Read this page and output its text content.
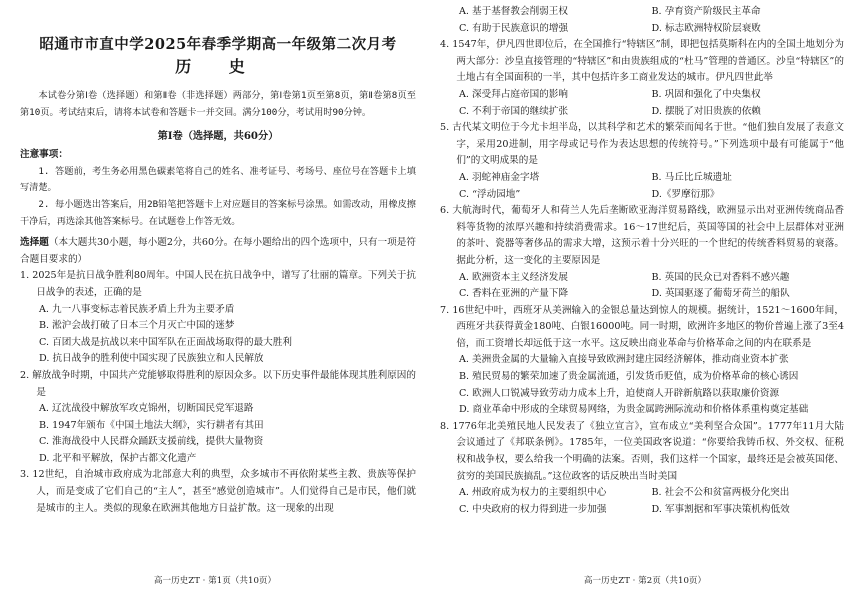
昭通市市直中学2025年春季学期高一年级第二次月考

历 史

本试卷分第Ⅰ卷（选择题）和第Ⅱ卷（非选择题）两部分，第Ⅰ卷第1页至第8页，第Ⅱ卷第8页至第10页。考试结束后，请将本试卷和答题卡一并交回。满分100分，考试用时90分钟。

第Ⅰ卷（选择题，共60分）

注意事项：

1. 答题前，考生务必用黑色碳素笔将自己的姓名、准考证号、考场号、座位号在答题卡上填写清楚。

2. 每小题选出答案后，用2B铅笔把答题卡上对应题目的答案标号涂黑。如需改动，用橡皮擦干净后，再选涂其他答案标号。在试题卷上作答无效。

选择题（本大题共30小题，每小题2分，共60分。在每小题给出的四个选项中，只有一项是符合题目要求的）

1. 2025年是抗日战争胜利80周年。中国人民在抗日战争中，谱写了壮丽的篇章。下列关于抗日战争的表述，正确的是

A. 九一八事变标志着民族矛盾上升为主要矛盾
B. 淞沪会战打破了日本三个月灭亡中国的迷梦
C. 百团大战是抗战以来中国军队在正面战场取得的最大胜利
D. 抗日战争的胜利使中国实现了民族独立和人民解放

2. 解放战争时期，中国共产党能够取得胜利的原因众多。以下历史事件最能体现其胜利原因的是

A. 辽沈战役中解放军攻克锦州，切断国民党军退路
B. 1947年颁布《中国土地法大纲》，实行耕者有其田
C. 淮海战役中人民群众踊跃支援前线，提供大量物资
D. 北平和平解放，保护古都文化遗产

3. 12世纪，自治城市政府成为北部意大利的典型，众多城市不再依附某些主教、贵族等保护人，而是变成了它们自己的“主人”，甚至“感觉创造城市”。人们觉得自己是市民，他们就是城市的主人。类似的现象在欧洲其他地方日益扩散。这一现象的出现

高一历史ZT · 第1页（共10页）
A. 基于基督教会削弱王权	B. 孕育资产阶级民主革命
C. 有助于民族意识的增强	D. 标志欧洲特权阶层衰败

4. 1547年，伊凡四世即位后，在全国推行“特辖区”制，即把包括莫斯科在内的全国土地划分为两大部分：沙皇直接管理的“特辖区”和由贵族组成的“杜马”管理的普通区。沙皇“特辖区”的土地占有全国面积的一半，其中包括许多工商业发达的城市。伊凡四世此举

A. 深受拜占庭帝国的影响	B. 巩固和强化了中央集权
C. 不利于帝国的继续扩张	D. 摆脱了对旧贵族的依赖

5. 古代某文明位于今尤卡坦半岛，以其科学和艺术的繁荣而闻名于世。“他们独自发展了表意文字，采用20进制，用字母或记号作为表达思想的传统符号。”下列选项中最有可能属于“他们”的文明成果的是

A. 羽蛇神庙金字塔	B. 马丘比丘城遗址
C. “浮动园地”	D.《罗摩衍那》

6. 大航海时代，葡萄牙人和荷兰人先后垄断欧亚海洋贸易路线，欧洲显示出对亚洲传统商品香料等货物的浓厚兴趣和持续消费需求。16～17世纪后，英国等国的社会中上层群体对亚洲的茶叶、瓷器等奢侈品的需求大增，这预示着十分兴旺的一个世纪的传统香料贸易的衰落。据此分析，这一变化的主要原因是

A. 欧洲资本主义经济发展	B. 英国的民众已对香料不感兴趣
C. 香料在亚洲的产量下降	D. 英国驱逐了葡萄牙荷兰的船队

7. 16世纪中叶，西班牙从美洲输入的金银总量达到惊人的规模。据统计，1521～1600年间，西班牙共获得黄金180吨、白银16000吨。同一时期，欧洲许多地区的物价普遍上涨了3至4倍，而工资增长却远低于这一水平。这反映出商业革命与价格革命之间的内在联系是

A. 美洲贵金属的大量输入直接导致欧洲封建庄园经济解体，推动商业资本扩张
B. 殖民贸易的繁荣加速了贵金属流通，引发货币贬值，成为价格革命的核心诱因
C. 欧洲人口锐减导致劳动力成本上升，迫使商人开辟新航路以获取廉价资源
D. 商业革命中形成的全球贸易网络，为贵金属跨洲际流动和价格体系重构奠定基础

8. 1776年北美殖民地人民发表了《独立宣言》，宣布成立“美利坚合众国”。1777年11月大陆会议通过了《邦联条例》。1785年，一位美国政客说道：“你要给我铸币权、外交权、征税权和战争权，要么给我一个明确的法案。否则，我们这样一个国家，最终还是会被英国佬、贫穷的美国民族搞乱。”这位政客的话反映出当时美国

A. 州政府成为权力的主要组织中心	B. 社会不公和贫富两极分化突出
C. 中央政府的权力得到进一步加强	D. 军事割据和军事决策机构低效
高一历史ZT · 第2页（共10页）
